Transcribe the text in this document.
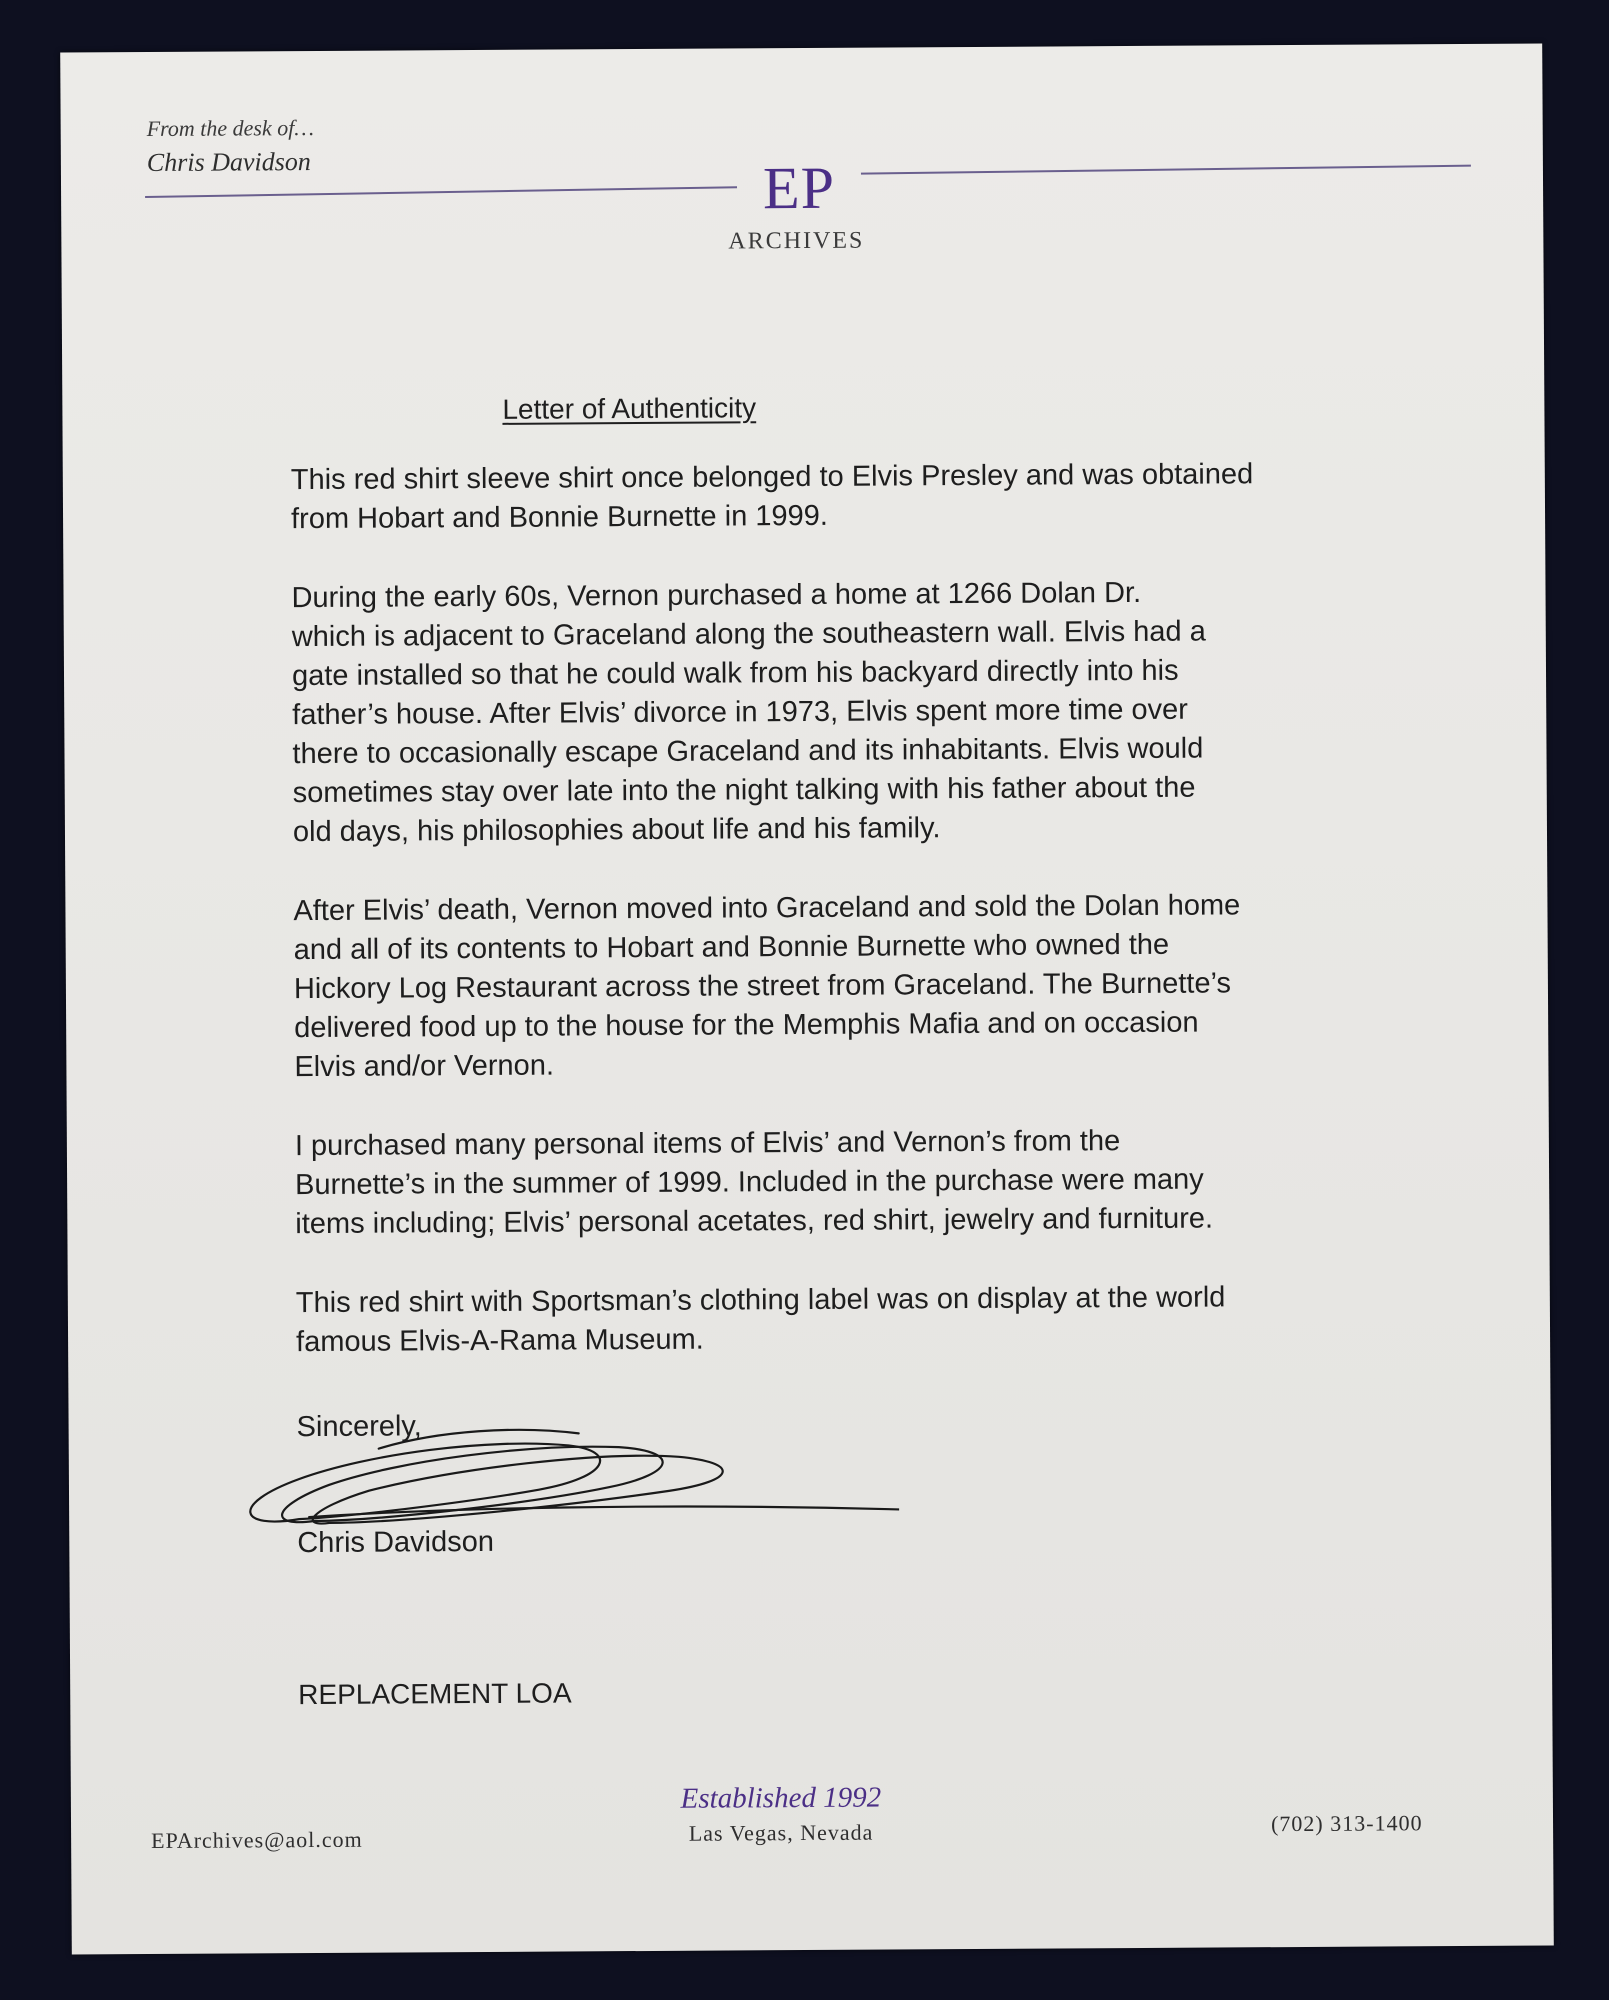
From the desk of…
Chris Davidson	EP
ARCHIVES
Letter of Authenticity

This red shirt sleeve shirt once belonged to Elvis Presley and was obtained
from Hobart and Bonnie Burnette in 1999.

During the early 60s, Vernon purchased a home at 1266 Dolan Dr.
which is adjacent to Graceland along the southeastern wall. Elvis had a
gate installed so that he could walk from his backyard directly into his
father’s house. After Elvis’ divorce in 1973, Elvis spent more time over
there to occasionally escape Graceland and its inhabitants. Elvis would
sometimes stay over late into the night talking with his father about the
old days, his philosophies about life and his family.

After Elvis’ death, Vernon moved into Graceland and sold the Dolan home
and all of its contents to Hobart and Bonnie Burnette who owned the
Hickory Log Restaurant across the street from Graceland. The Burnette’s
delivered food up to the house for the Memphis Mafia and on occasion
Elvis and/or Vernon.

I purchased many personal items of Elvis’ and Vernon’s from the
Burnette’s in the summer of 1999. Included in the purchase were many
items including; Elvis’ personal acetates, red shirt, jewelry and furniture.

This red shirt with Sportsman’s clothing label was on display at the world
famous Elvis-A-Rama Museum.

Sincerely,
Chris Davidson
REPLACEMENT LOA
Established 1992
Las Vegas, Nevada
EPArchives@aol.com
(702) 313-1400
